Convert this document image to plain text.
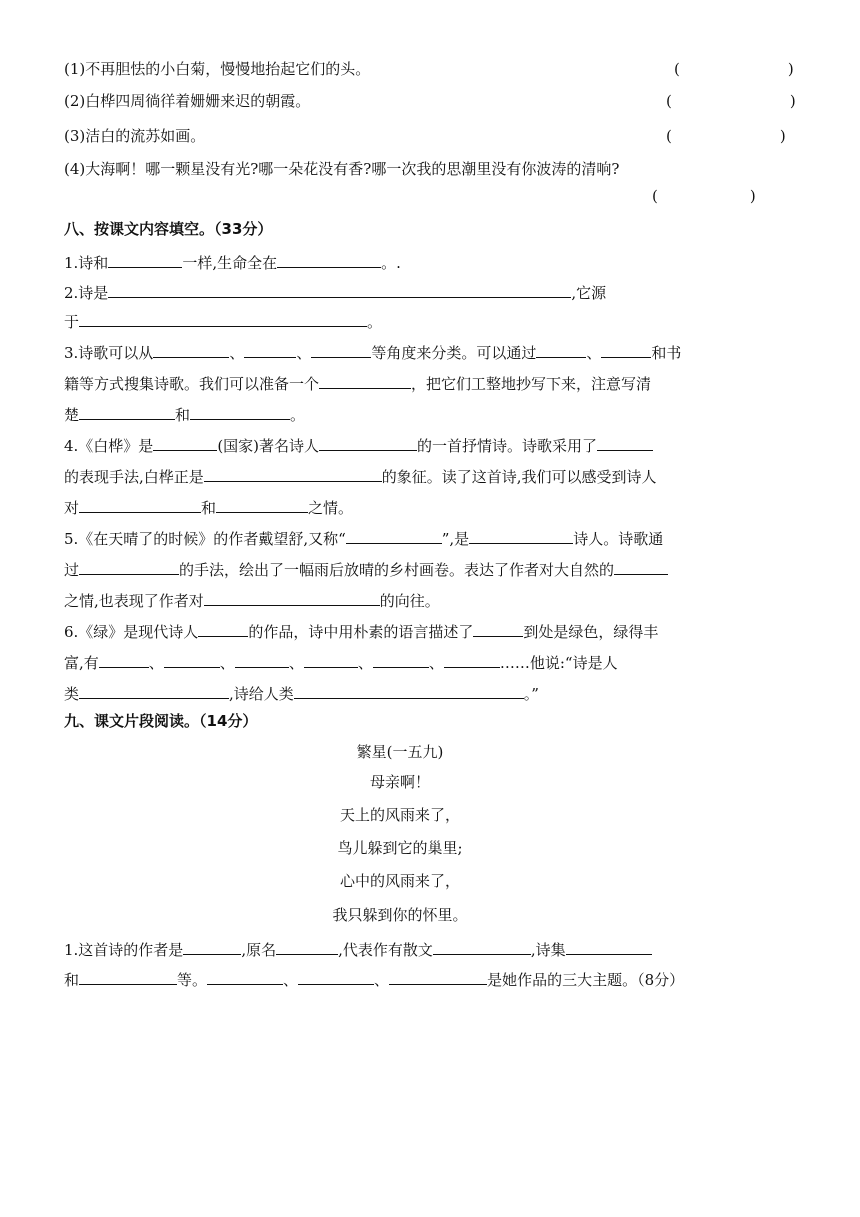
(1)不再胆怯的小白菊，慢慢地抬起它们的头。	(	)
(2)白桦四周徜徉着姗姗来迟的朝霞。	(	)
(3)洁白的流苏如画。	(	)
(4)大海啊！哪一颗星没有光?哪一朵花没有香?哪一次我的思潮里没有你波涛的清响?
(	)
八、按课文内容填空。（33分）
1.诗和	一样,生命全在	。.
2.诗是	,它源
于	。
3.诗歌可以从	、	、	等角度来分类。可以通过	、	和书
籍等方式搜集诗歌。我们可以准备一个	，把它们工整地抄写下来，注意写清
楚	和	。
4.《白桦》是	(国家)著名诗人	的一首抒情诗。诗歌采用了
的表现手法,白桦正是	的象征。读了这首诗,我们可以感受到诗人
对	和	之情。
5.《在天晴了的时候》的作者戴望舒,又称“	”,是	诗人。诗歌通
过	的手法，绘出了一幅雨后放晴的乡村画卷。表达了作者对大自然的
之情,也表现了作者对	的向往。
6.《绿》是现代诗人	的作品，诗中用朴素的语言描述了	到处是绿色，绿得丰
富,有	、	、	、	、	、	……他说:“诗是人
类	,诗给人类	。”
九、课文片段阅读。（14分）
繁星(一五九)
母亲啊！
天上的风雨来了，
鸟儿躲到它的巢里;
心中的风雨来了，
我只躲到你的怀里。
1.这首诗的作者是	,原名	,代表作有散文	,诗集
和	等。	、	、	是她作品的三大主题。（8分）
